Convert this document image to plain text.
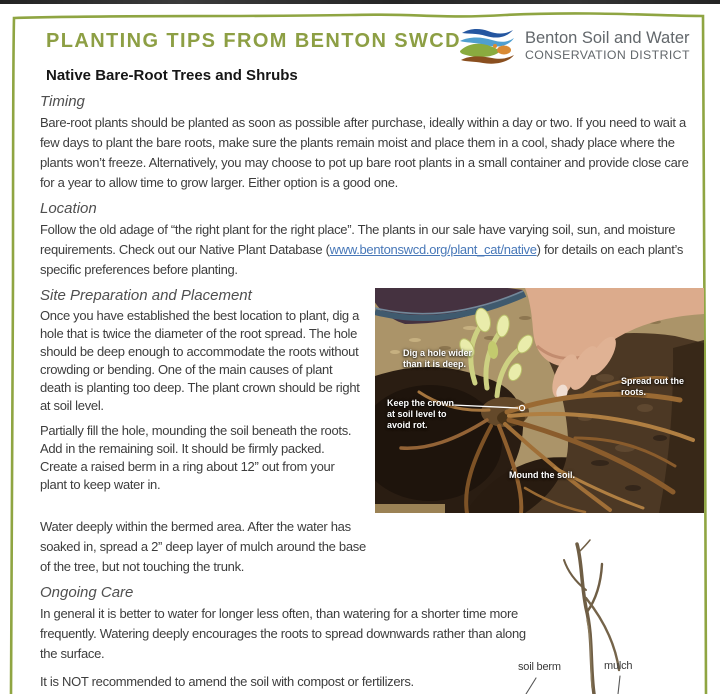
PLANTING TIPS FROM BENTON SWCD	Benton Soil and Water
CONSERVATION DISTRICT
Native Bare-Root Trees and Shrubs
Timing

Bare-root plants should be planted as soon as possible after purchase, ideally within a day or two. If you need to wait a few days to plant the bare roots, make sure the plants remain moist and place them in a cool, shady place where the plants won’t freeze. Alternatively, you may choose to pot up bare root plants in a small container and provide close care for a year to allow time to grow larger. Either option is a good one.

Location

Follow the old adage of “the right plant for the right place”. The plants in our sale have varying soil, sun, and moisture requirements. Check out our Native Plant Database (www.bentonswcd.org/plant_cat/native) for details on each plant’s specific preferences before planting.

Dig a hole wider than it is deep.
Keep the crown at soil level to avoid rot.
Spread out the roots.
Mound the soil.
Site Preparation and Placement

Once you have established the best location to plant, dig a hole that is twice the diameter of the root spread. The hole should be deep enough to accommodate the roots without crowding or bending. One of the main causes of plant death is planting too deep. The plant crown should be right at soil level.

Partially fill the hole, mounding the soil beneath the roots. Add in the remaining soil. It should be firmly packed. Create a raised berm in a ring about 12” out from your plant to keep water in.

Water deeply within the bermed area. After the water has soaked in, spread a 2” deep layer of mulch around the base of the tree, but not touching the trunk.

Ongoing Care

In general it is better to water for longer less often, than watering for a shorter time more frequently. Watering deeply encourages the roots to spread downwards rather than along the surface.

It is NOT recommended to amend the soil with compost or fertilizers.

soil berm	mulch
